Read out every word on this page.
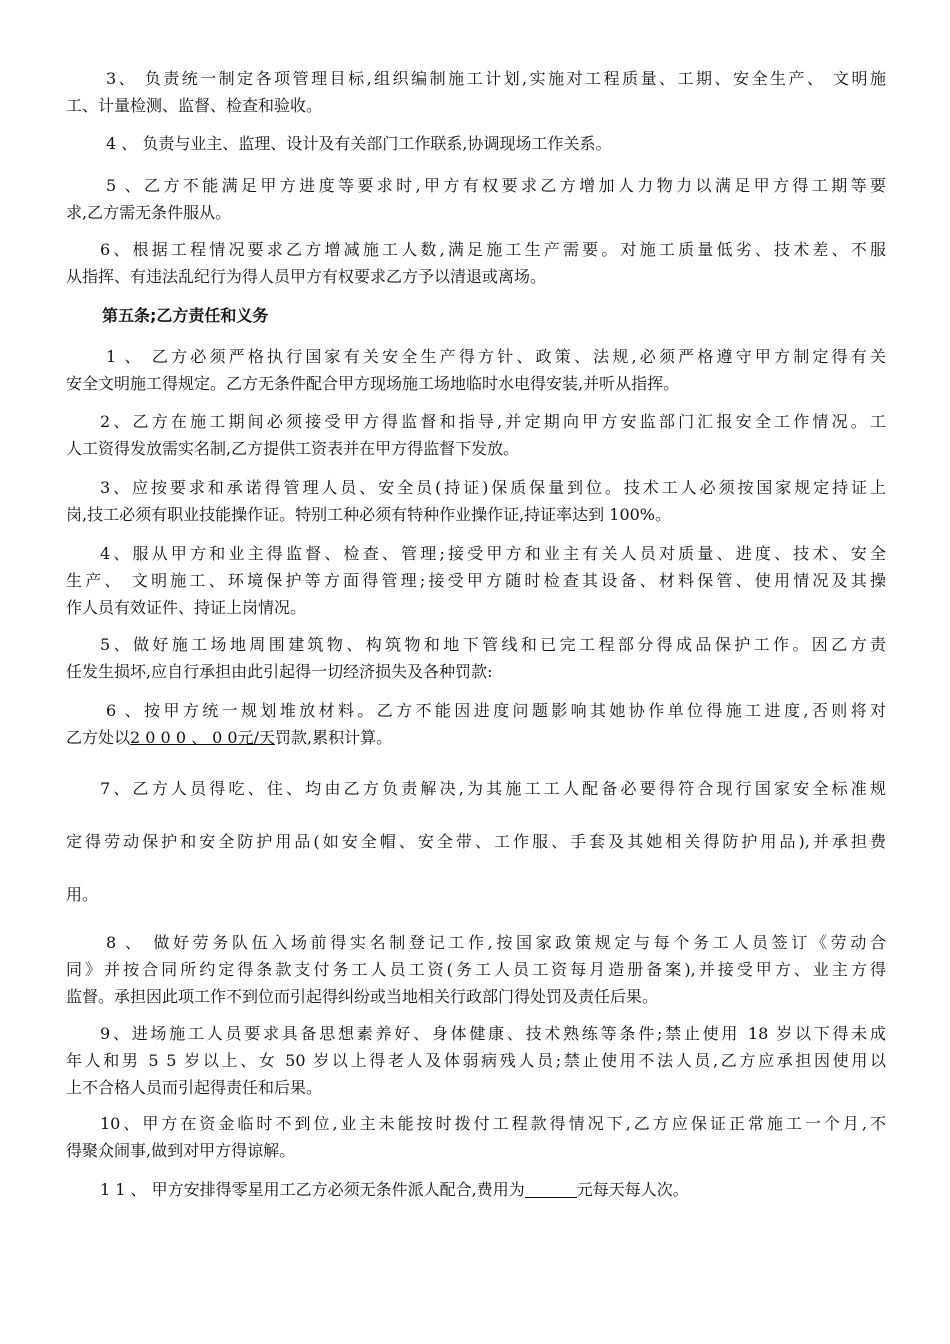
3、 负责统一制定各项管理目标,组织编制施工计划,实施对工程质量、工期、安全生产、 文明施
工、计量检测、监督、检查和验收。
4 、 负责与业主、监理、设计及有关部门工作联系,协调现场工作关系。
5 、乙方不能满足甲方进度等要求时,甲方有权要求乙方增加人力物力以满足甲方得工期等要
求,乙方需无条件服从。
6、根据工程情况要求乙方增减施工人数,满足施工生产需要。对施工质量低劣、技术差、不服
从指挥、有违法乱纪行为得人员甲方有权要求乙方予以清退或离场。
第五条;乙方责任和义务
1 、 乙方必须严格执行国家有关安全生产得方针、政策、法规,必须严格遵守甲方制定得有关
安全文明施工得规定。乙方无条件配合甲方现场施工场地临时水电得安装,并听从指挥。
2、乙方在施工期间必须接受甲方得监督和指导,并定期向甲方安监部门汇报安全工作情况。工
人工资得发放需实名制,乙方提供工资表并在甲方得监督下发放。
3、应按要求和承诺得管理人员、安全员(持证)保质保量到位。技术工人必须按国家规定持证上
岗,技工必须有职业技能操作证。特别工种必须有特种作业操作证,持证率达到 100%。
4、服从甲方和业主得监督、检查、管理;接受甲方和业主有关人员对质量、进度、技术、安全
生产、 文明施工、环境保护等方面得管理;接受甲方随时检查其设备、材料保管、使用情况及其操
作人员有效证件、持证上岗情况。
5、做好施工场地周围建筑物、构筑物和地下管线和已完工程部分得成品保护工作。因乙方责
任发生损坏,应自行承担由此引起得一切经济损失及各种罚款:
6 、按甲方统一规划堆放材料。乙方不能因进度问题影响其她协作单位得施工进度,否则将对
乙方处以2 0 0 0 、 0 0元/天罚款,累积计算。
7、乙方人员得吃、住、均由乙方负责解决,为其施工工人配备必要得符合现行国家安全标准规
定得劳动保护和安全防护用品(如安全帽、安全带、工作服、手套及其她相关得防护用品),并承担费
用。
8 、 做好劳务队伍入场前得实名制登记工作,按国家政策规定与每个务工人员签订《劳动合
同》并按合同所约定得条款支付务工人员工资(务工人员工资每月造册备案),并接受甲方、业主方得
监督。承担因此项工作不到位而引起得纠纷或当地相关行政部门得处罚及责任后果。
9、进场施工人员要求具备思想素养好、身体健康、技术熟练等条件;禁止使用 18 岁以下得未成
年人和男 5 5 岁以上、女 50 岁以上得老人及体弱病残人员;禁止使用不法人员,乙方应承担因使用以
上不合格人员而引起得责任和后果。
10、甲方在资金临时不到位,业主未能按时拨付工程款得情况下,乙方应保证正常施工一个月,不
得聚众闹事,做到对甲方得谅解。
1 1 、 甲方安排得零星用工乙方必须无条件派人配合,费用为	元每天每人次。
